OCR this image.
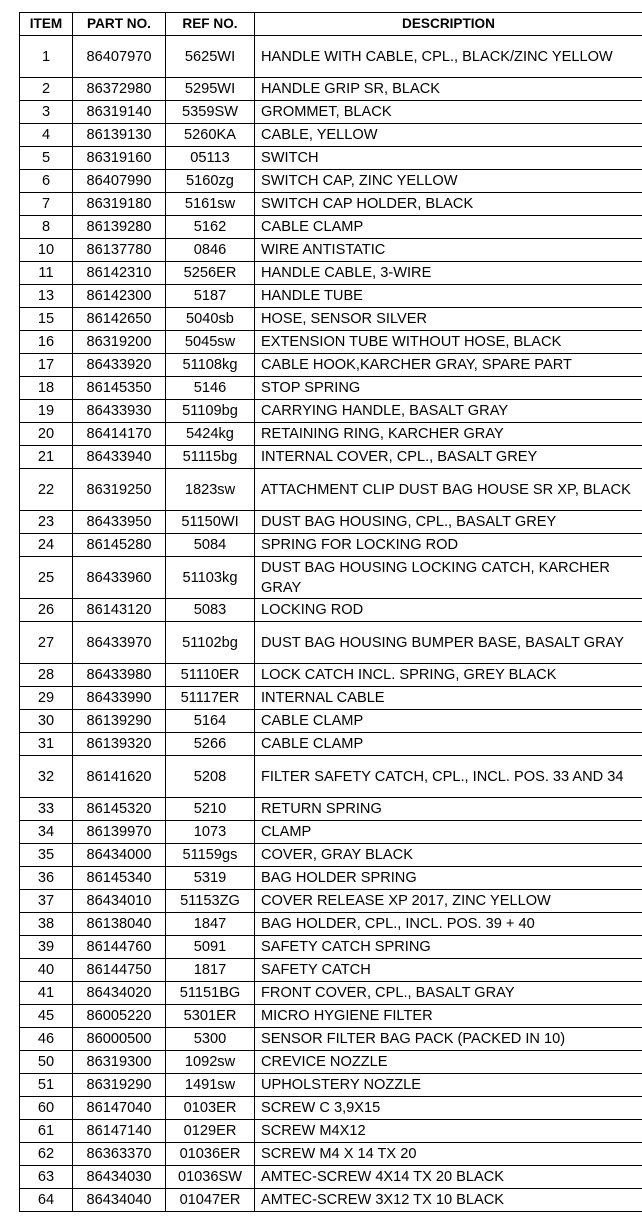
ITEM	PART NO.	REF NO.	DESCRIPTION
1	86407970	5625WI	HANDLE WITH CABLE, CPL., BLACK/ZINC YELLOW
2	86372980	5295WI	HANDLE GRIP SR, BLACK
3	86319140	5359SW	GROMMET, BLACK
4	86139130	5260KA	CABLE, YELLOW
5	86319160	05113	SWITCH
6	86407990	5160zg	SWITCH CAP, ZINC YELLOW
7	86319180	5161sw	SWITCH CAP HOLDER, BLACK
8	86139280	5162	CABLE CLAMP
10	86137780	0846	WIRE ANTISTATIC
11	86142310	5256ER	HANDLE CABLE, 3-WIRE
13	86142300	5187	HANDLE TUBE
15	86142650	5040sb	HOSE, SENSOR SILVER
16	86319200	5045sw	EXTENSION TUBE WITHOUT HOSE, BLACK
17	86433920	51108kg	CABLE HOOK,KARCHER GRAY, SPARE PART
18	86145350	5146	STOP SPRING
19	86433930	51109bg	CARRYING HANDLE, BASALT GRAY
20	86414170	5424kg	RETAINING RING, KARCHER GRAY
21	86433940	51115bg	INTERNAL COVER, CPL., BASALT GREY
22	86319250	1823sw	ATTACHMENT CLIP DUST BAG HOUSE SR XP, BLACK
23	86433950	51150WI	DUST BAG HOUSING, CPL., BASALT GREY
24	86145280	5084	SPRING FOR LOCKING ROD
25	86433960	51103kg	DUST BAG HOUSING LOCKING CATCH, KARCHER GRAY
26	86143120	5083	LOCKING ROD
27	86433970	51102bg	DUST BAG HOUSING BUMPER BASE, BASALT GRAY
28	86433980	51110ER	LOCK CATCH INCL. SPRING, GREY BLACK
29	86433990	51117ER	INTERNAL CABLE
30	86139290	5164	CABLE CLAMP
31	86139320	5266	CABLE CLAMP
32	86141620	5208	FILTER SAFETY CATCH, CPL., INCL. POS. 33 AND 34
33	86145320	5210	RETURN SPRING
34	86139970	1073	CLAMP
35	86434000	51159gs	COVER, GRAY BLACK
36	86145340	5319	BAG HOLDER SPRING
37	86434010	51153ZG	COVER RELEASE XP 2017, ZINC YELLOW
38	86138040	1847	BAG HOLDER, CPL., INCL. POS. 39 + 40
39	86144760	5091	SAFETY CATCH SPRING
40	86144750	1817	SAFETY CATCH
41	86434020	51151BG	FRONT COVER, CPL., BASALT GRAY
45	86005220	5301ER	MICRO HYGIENE FILTER
46	86000500	5300	SENSOR FILTER BAG PACK (PACKED IN 10)
50	86319300	1092sw	CREVICE NOZZLE
51	86319290	1491sw	UPHOLSTERY NOZZLE
60	86147040	0103ER	SCREW C 3,9X15
61	86147140	0129ER	SCREW M4X12
62	86363370	01036ER	SCREW M4 X 14 TX 20
63	86434030	01036SW	AMTEC-SCREW 4X14 TX 20 BLACK
64	86434040	01047ER	AMTEC-SCREW 3X12 TX 10 BLACK
